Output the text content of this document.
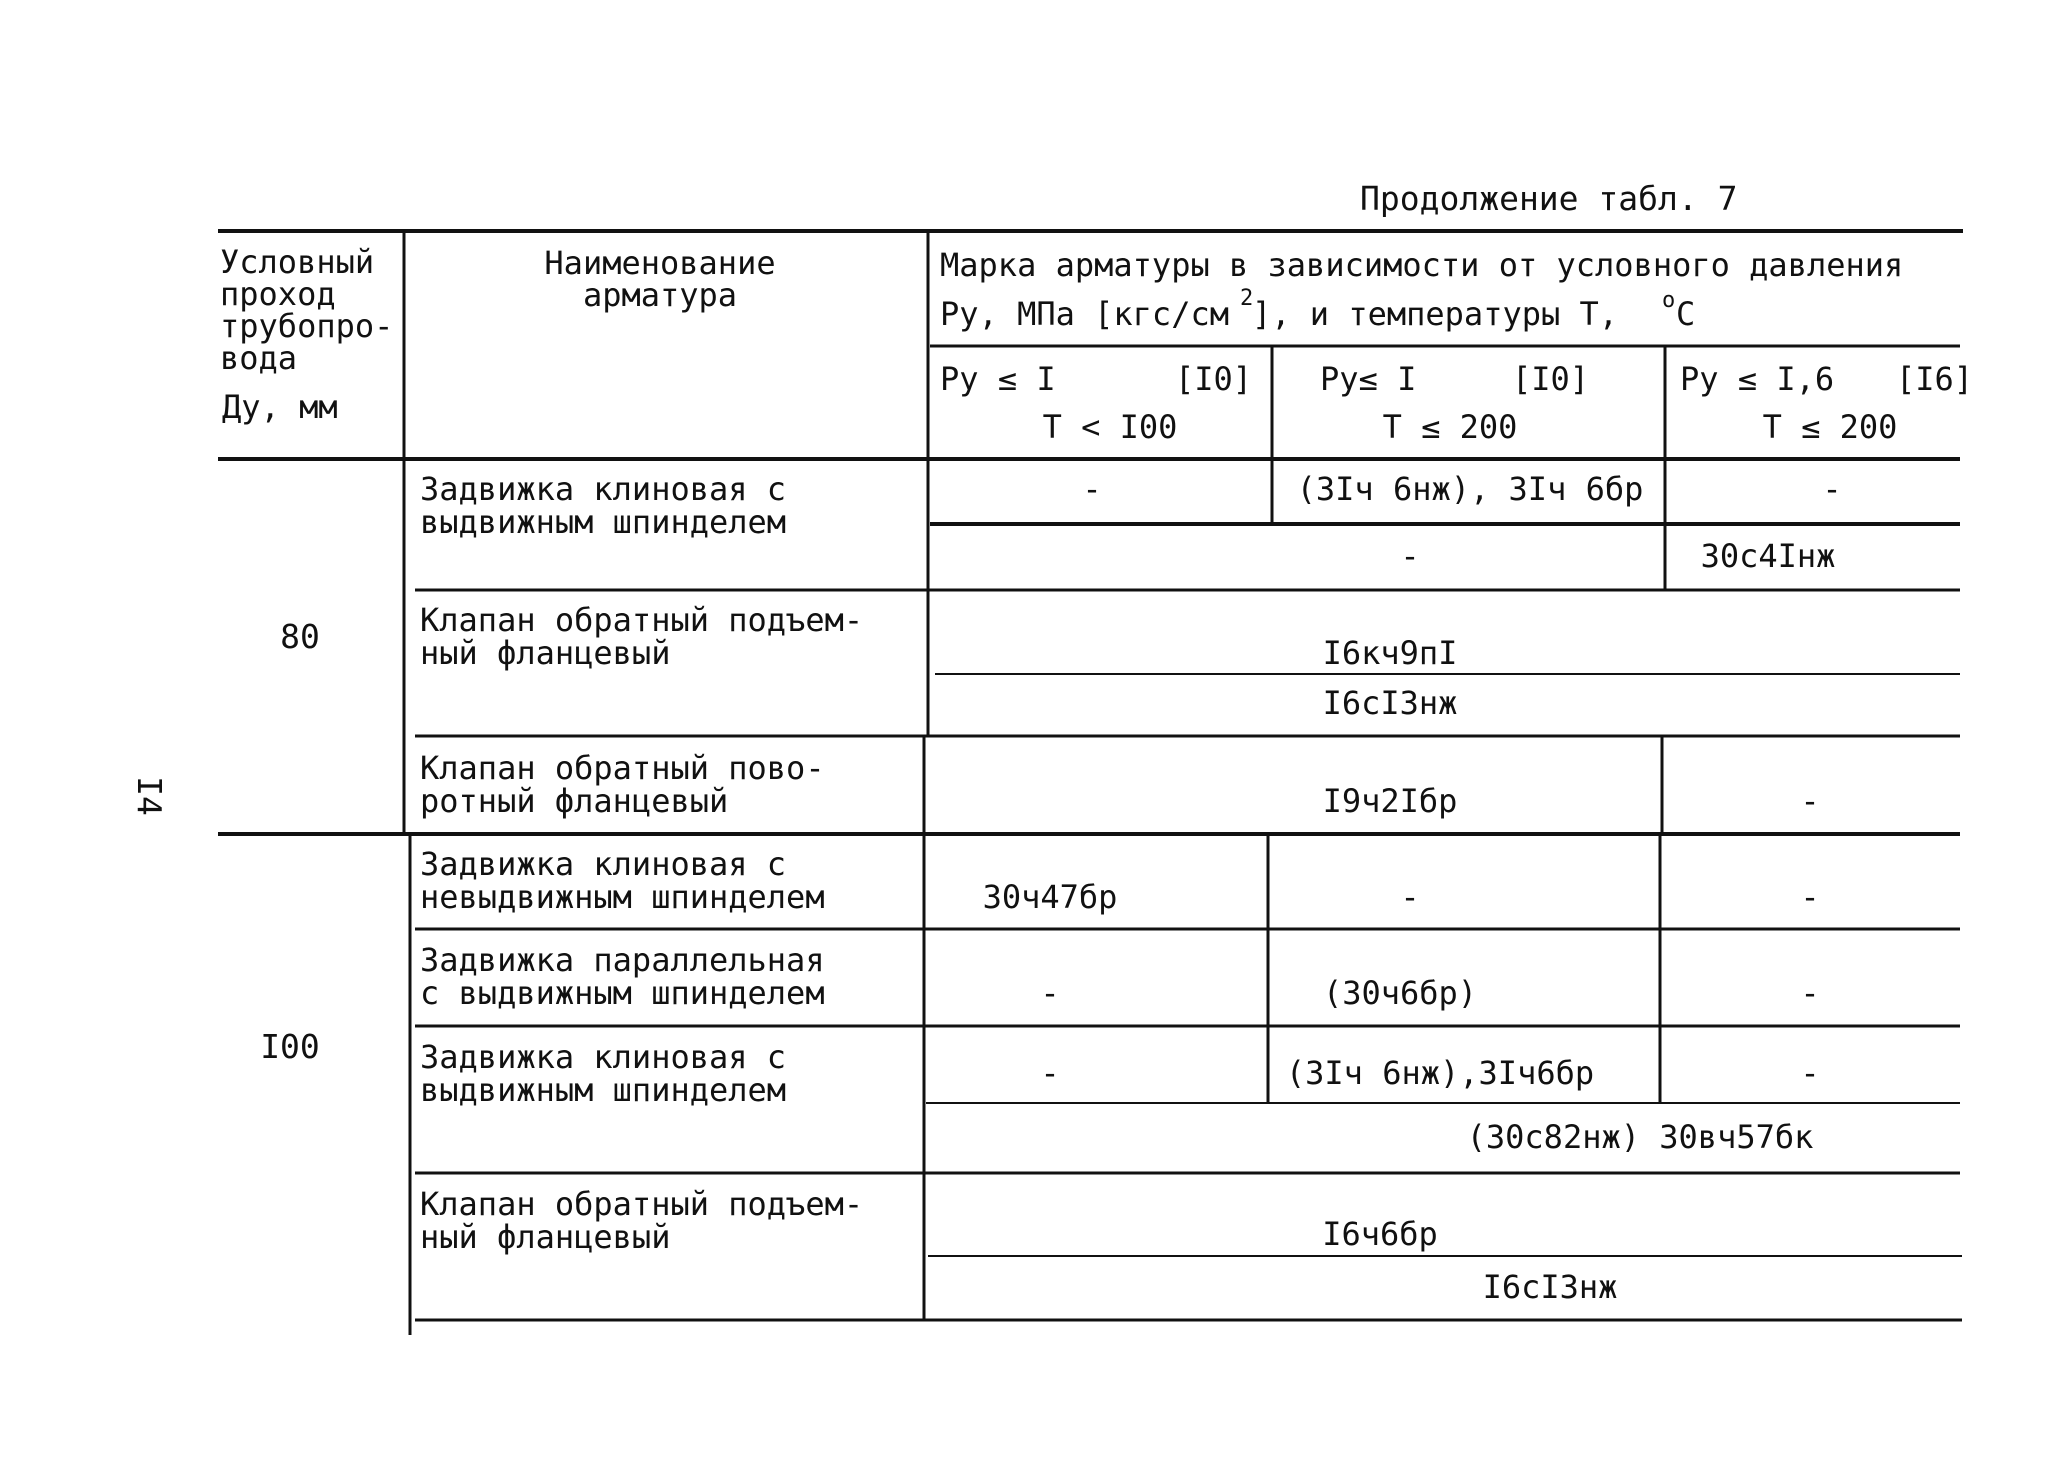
I4
Продолжение табл. 7
Условный
проход
трубопро-
вода
Ду, мм
Наименование
арматура
Марка арматуры в зависимости от условного давления
Ру, МПа [кгс/см 2
], и температуры Т, о С
Ру ≤ I	[I0]
Т < I00
Ру≤ I	[I0]
Т ≤ 200
Ру ≤ I,6 [I6]
Т ≤ 200
80
Задвижка клиновая с
выдвижным шпинделем
-	(3Iч 6нж), 3Iч 6бр	-
-	30с4Iнж
Клапан обратный подъем-
ный фланцевый	I6кч9пI
I6сI3нж
Клапан обратный пово-
ротный фланцевый	I9ч2Iбр	-
I00
Задвижка клиновая с
невыдвижным шпинделем	30ч47бр	-	-
Задвижка параллельная
с выдвижным шпинделем	-	(30ч6бр)	-
Задвижка клиновая с
выдвижным шпинделем	-	(3Iч 6нж),3Iч6бр	-
(30с82нж) 30вч57бк
Клапан обратный подъем-
ный фланцевый	I6ч6бр
I6сI3нж
